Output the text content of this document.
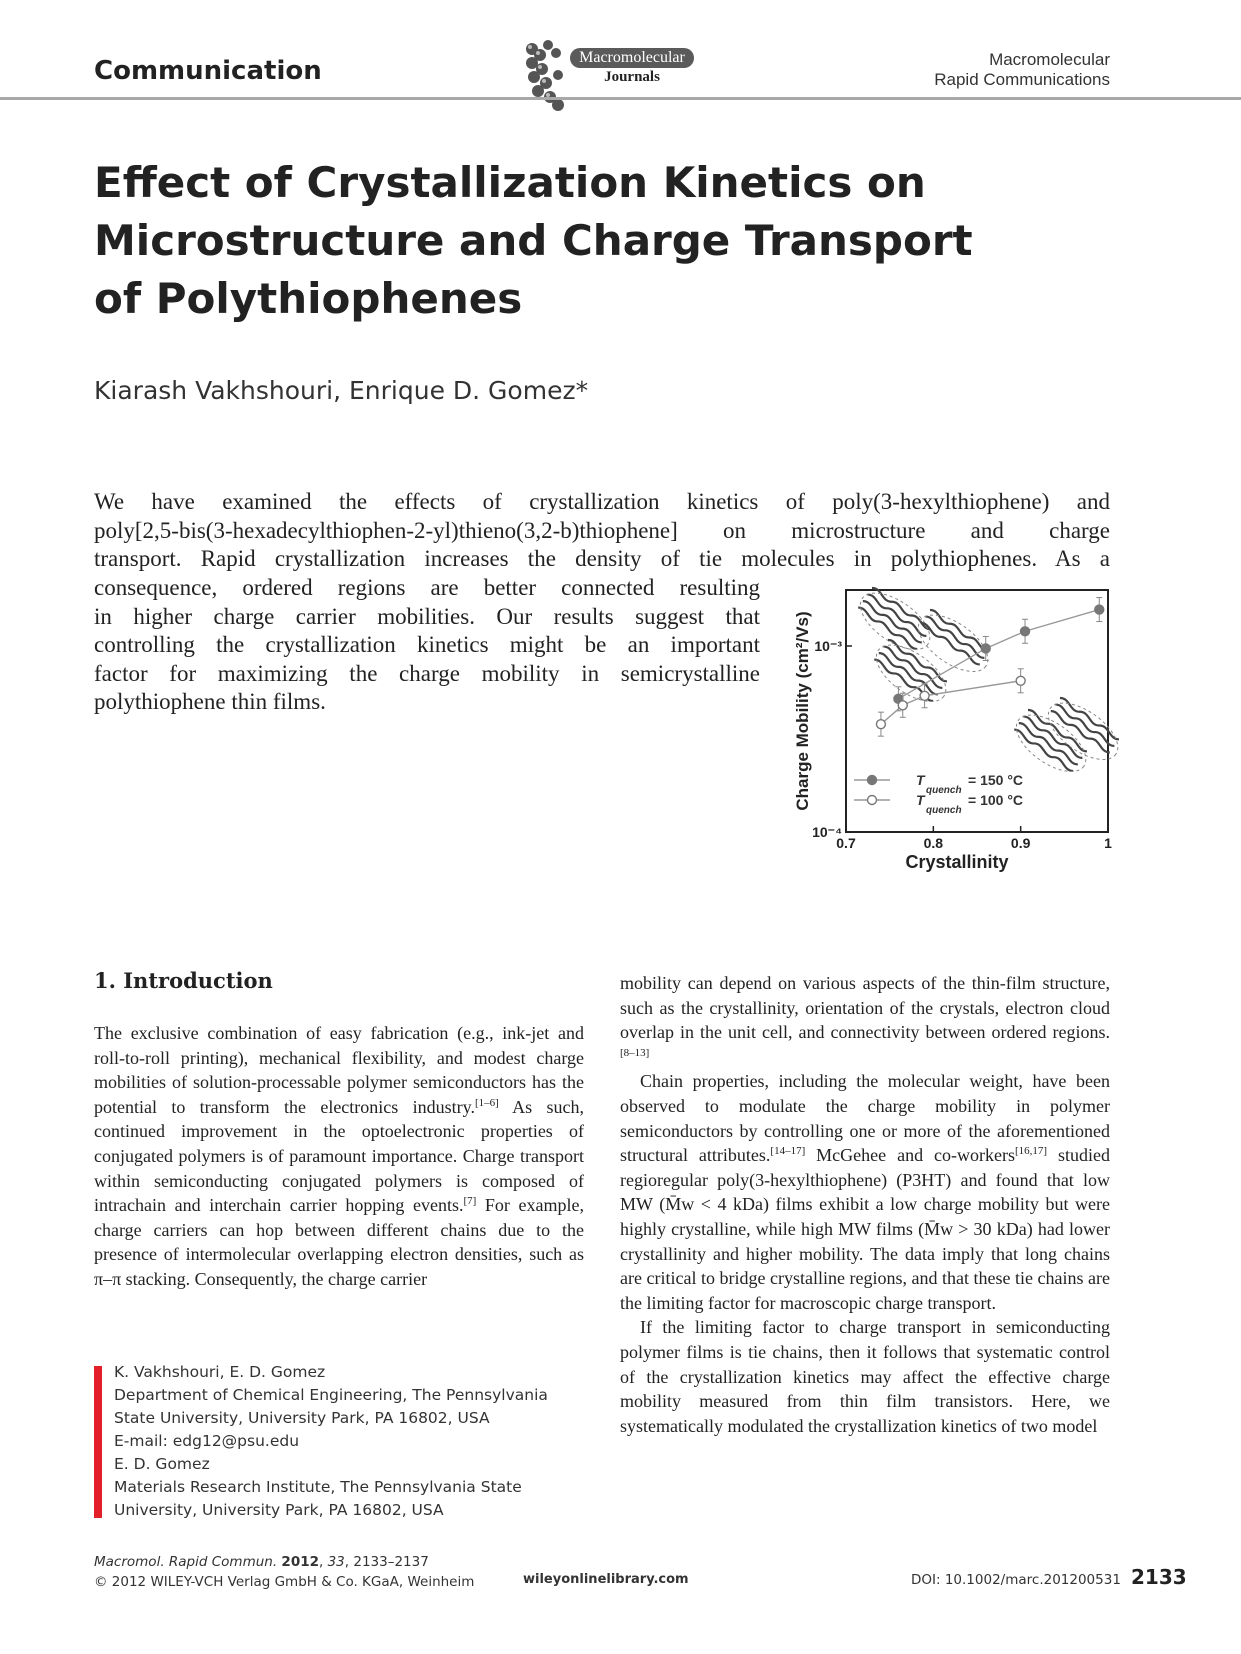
Communication	Macromolecular
Journals
Macromolecular
Rapid Communications
Effect of Crystallization Kinetics on
Microstructure and Charge Transport
of Polythiophenes
Kiarash Vakhshouri, Enrique D. Gomez*
We have examined the effects of crystallization kinetics of poly(3-hexylthiophene) and
poly[2,5-bis(3-hexadecylthiophen-2-yl)thieno(3,2-b)thiophene] on microstructure and charge
transport. Rapid crystallization increases the density of tie molecules in polythiophenes. As a
consequence, ordered regions are better connected resulting
in higher charge carrier mobilities. Our results suggest that
controlling the crystallization kinetics might be an important
factor for maximizing the charge mobility in semicrystalline
polythiophene thin films.
0.7	0.8	0.9	1
10⁻⁴
10⁻³
Crystallinity
Charge Mobility (cm²/Vs)	T
quench
= 150 °C
T
quench
= 100 °C
1. Introduction

The exclusive combination of easy fabrication (e.g., ink-jet and roll-to-roll printing), mechanical flexibility, and modest charge mobilities of solution-processable polymer semiconductors has the potential to transform the electronics industry.[1–6] As such, continued improvement in the optoelectronic properties of conjugated polymers is of paramount importance. Charge transport within semiconducting conjugated polymers is composed of intrachain and interchain carrier hopping events.[7] For example, charge carriers can hop between different chains due to the presence of intermolecular overlapping electron densities, such as π–π stacking. Consequently, the charge carrier

mobility can depend on various aspects of the thin-film structure, such as the crystallinity, orientation of the crystals, electron cloud overlap in the unit cell, and connectivity between ordered regions.[8–13]

Chain properties, including the molecular weight, have been observed to modulate the charge mobility in polymer semiconductors by controlling one or more of the aforementioned structural attributes.[14–17] McGehee and co-workers[16,17] studied regioregular poly(3-hexylthiophene) (P3HT) and found that low MW (M̄w < 4 kDa) films exhibit a low charge mobility but were highly crystalline, while high MW films (M̄w > 30 kDa) had lower crystallinity and higher mobility. The data imply that long chains are critical to bridge crystalline regions, and that these tie chains are the limiting factor for macroscopic charge transport.

If the limiting factor to charge transport in semiconducting polymer films is tie chains, then it follows that systematic control of the crystallization kinetics may affect the effective charge mobility measured from thin film transistors. Here, we systematically modulated the crystallization kinetics of two model

K. Vakhshouri, E. D. Gomez
Department of Chemical Engineering, The Pennsylvania
State University, University Park, PA 16802, USA
E-mail: edg12@psu.edu
E. D. Gomez
Materials Research Institute, The Pennsylvania State
University, University Park, PA 16802, USA
Macromol. Rapid Commun. 2012, 33, 2133–2137
© 2012 WILEY-VCH Verlag GmbH & Co. KGaA, Weinheim	wileyonlinelibrary.com	DOI: 10.1002/marc.201200531 2133
